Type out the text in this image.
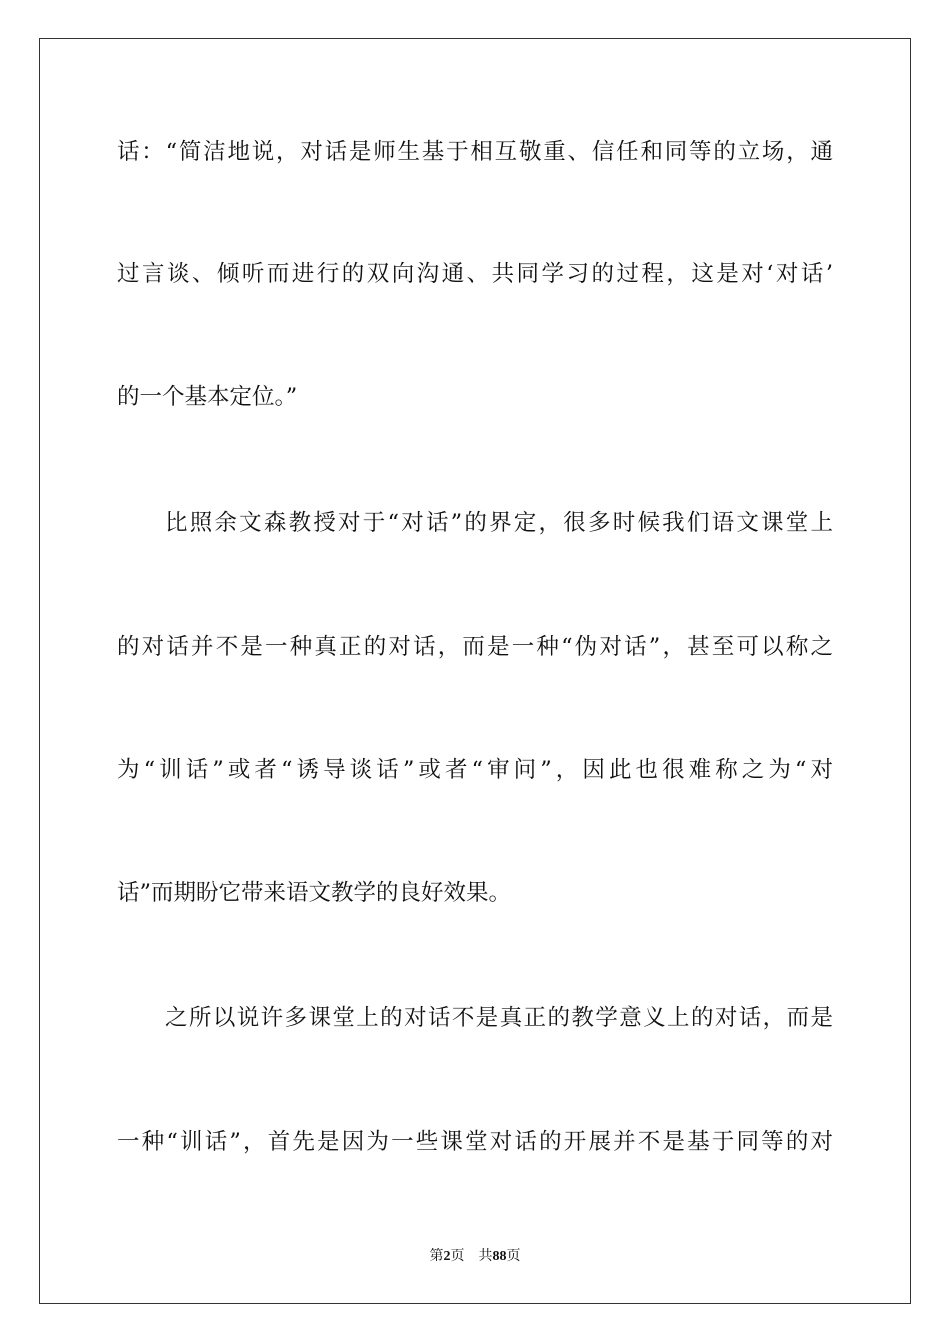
话：“简洁地说，对话是师生基于相互敬重、信任和同等的立场，通
过言谈、倾听而进行的双向沟通、共同学习的过程，这是对‘对话’
的一个基本定位。”
比照余文森教授对于“对话”的界定，很多时候我们语文课堂上
的对话并不是一种真正的对话，而是一种“伪对话”，甚至可以称之
为“训话”或者“诱导谈话”或者“审问”，因此也很难称之为“对
话”而期盼它带来语文教学的良好效果。
之所以说许多课堂上的对话不是真正的教学意义上的对话，而是
一种“训话”，首先是因为一些课堂对话的开展并不是基于同等的对
第2页 共88页
